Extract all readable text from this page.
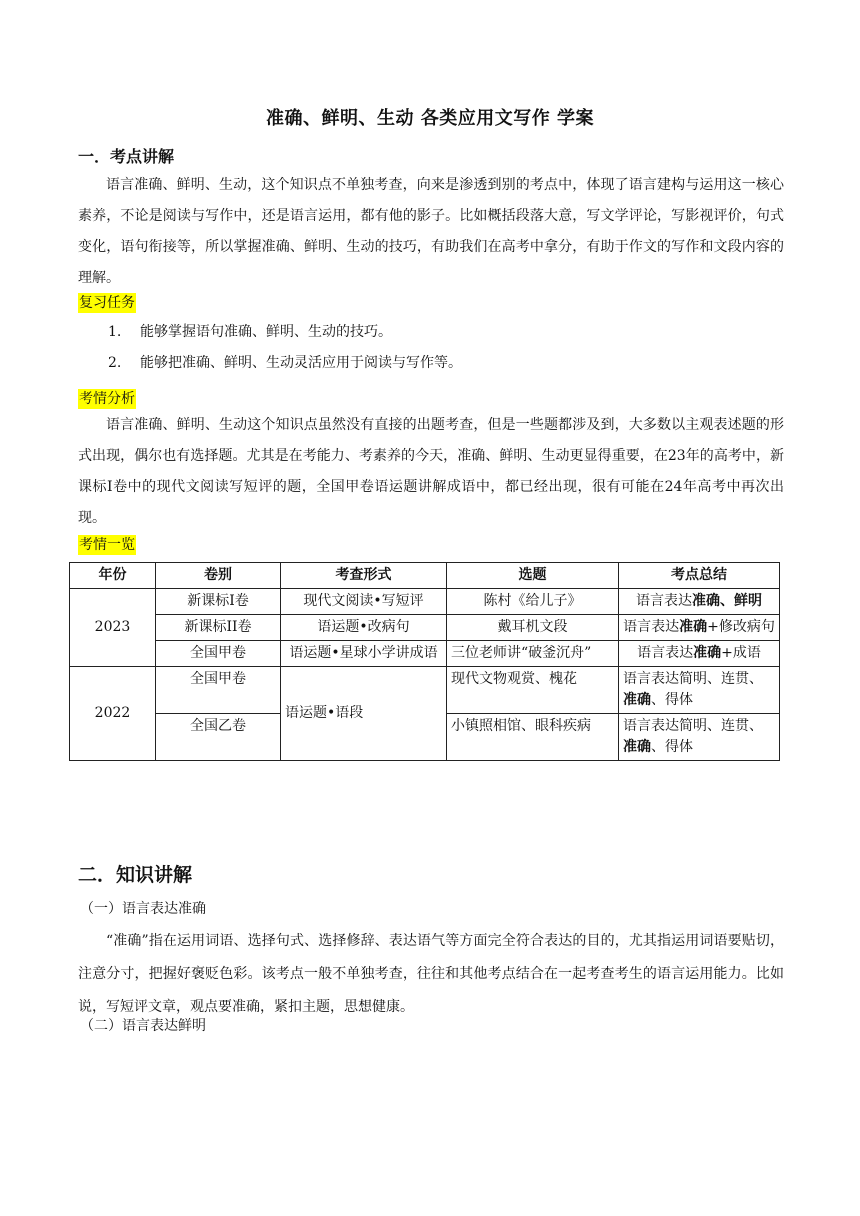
准确、鲜明、生动 各类应用文写作 学案
一．考点讲解

语言准确、鲜明、生动，这个知识点不单独考查，向来是渗透到别的考点中，体现了语言建构与运用这一核心素养，不论是阅读与写作中，还是语言运用，都有他的影子。比如概括段落大意，写文学评论，写影视评价，句式变化，语句衔接等，所以掌握准确、鲜明、生动的技巧，有助我们在高考中拿分，有助于作文的写作和文段内容的理解。

复习任务
1. 能够掌握语句准确、鲜明、生动的技巧。
2. 能够把准确、鲜明、生动灵活应用于阅读与写作等。
考情分析

语言准确、鲜明、生动这个知识点虽然没有直接的出题考查，但是一些题都涉及到，大多数以主观表述题的形式出现，偶尔也有选择题。尤其是在考能力、考素养的今天，准确、鲜明、生动更显得重要，在23年的高考中，新课标Ⅰ卷中的现代文阅读写短评的题，全国甲卷语运题讲解成语中，都已经出现，很有可能在24年高考中再次出现。

考情一览
年份	卷别	考查形式	选题	考点总结
2023	新课标Ⅰ卷	现代文阅读•写短评	陈村《给儿子》	语言表达准确、鲜明
	新课标II卷	语运题•改病句	戴耳机文段	语言表达准确+修改病句
	全国甲卷	语运题•星球小学讲成语	三位老师讲“破釜沉舟”	语言表达准确+成语
2022	全国甲卷	语运题•语段	现代文物观赏、槐花	语言表达简明、连贯、准确、得体
	全国乙卷		小镇照相馆、眼科疾病	语言表达简明、连贯、准确、得体
二．知识讲解
（一）语言表达准确

“准确”指在运用词语、选择句式、选择修辞、表达语气等方面完全符合表达的目的，尤其指运用词语要贴切，注意分寸，把握好褒贬色彩。该考点一般不单独考查，往往和其他考点结合在一起考查考生的语言运用能力。比如说，写短评文章，观点要准确，紧扣主题，思想健康。

（二）语言表达鲜明
